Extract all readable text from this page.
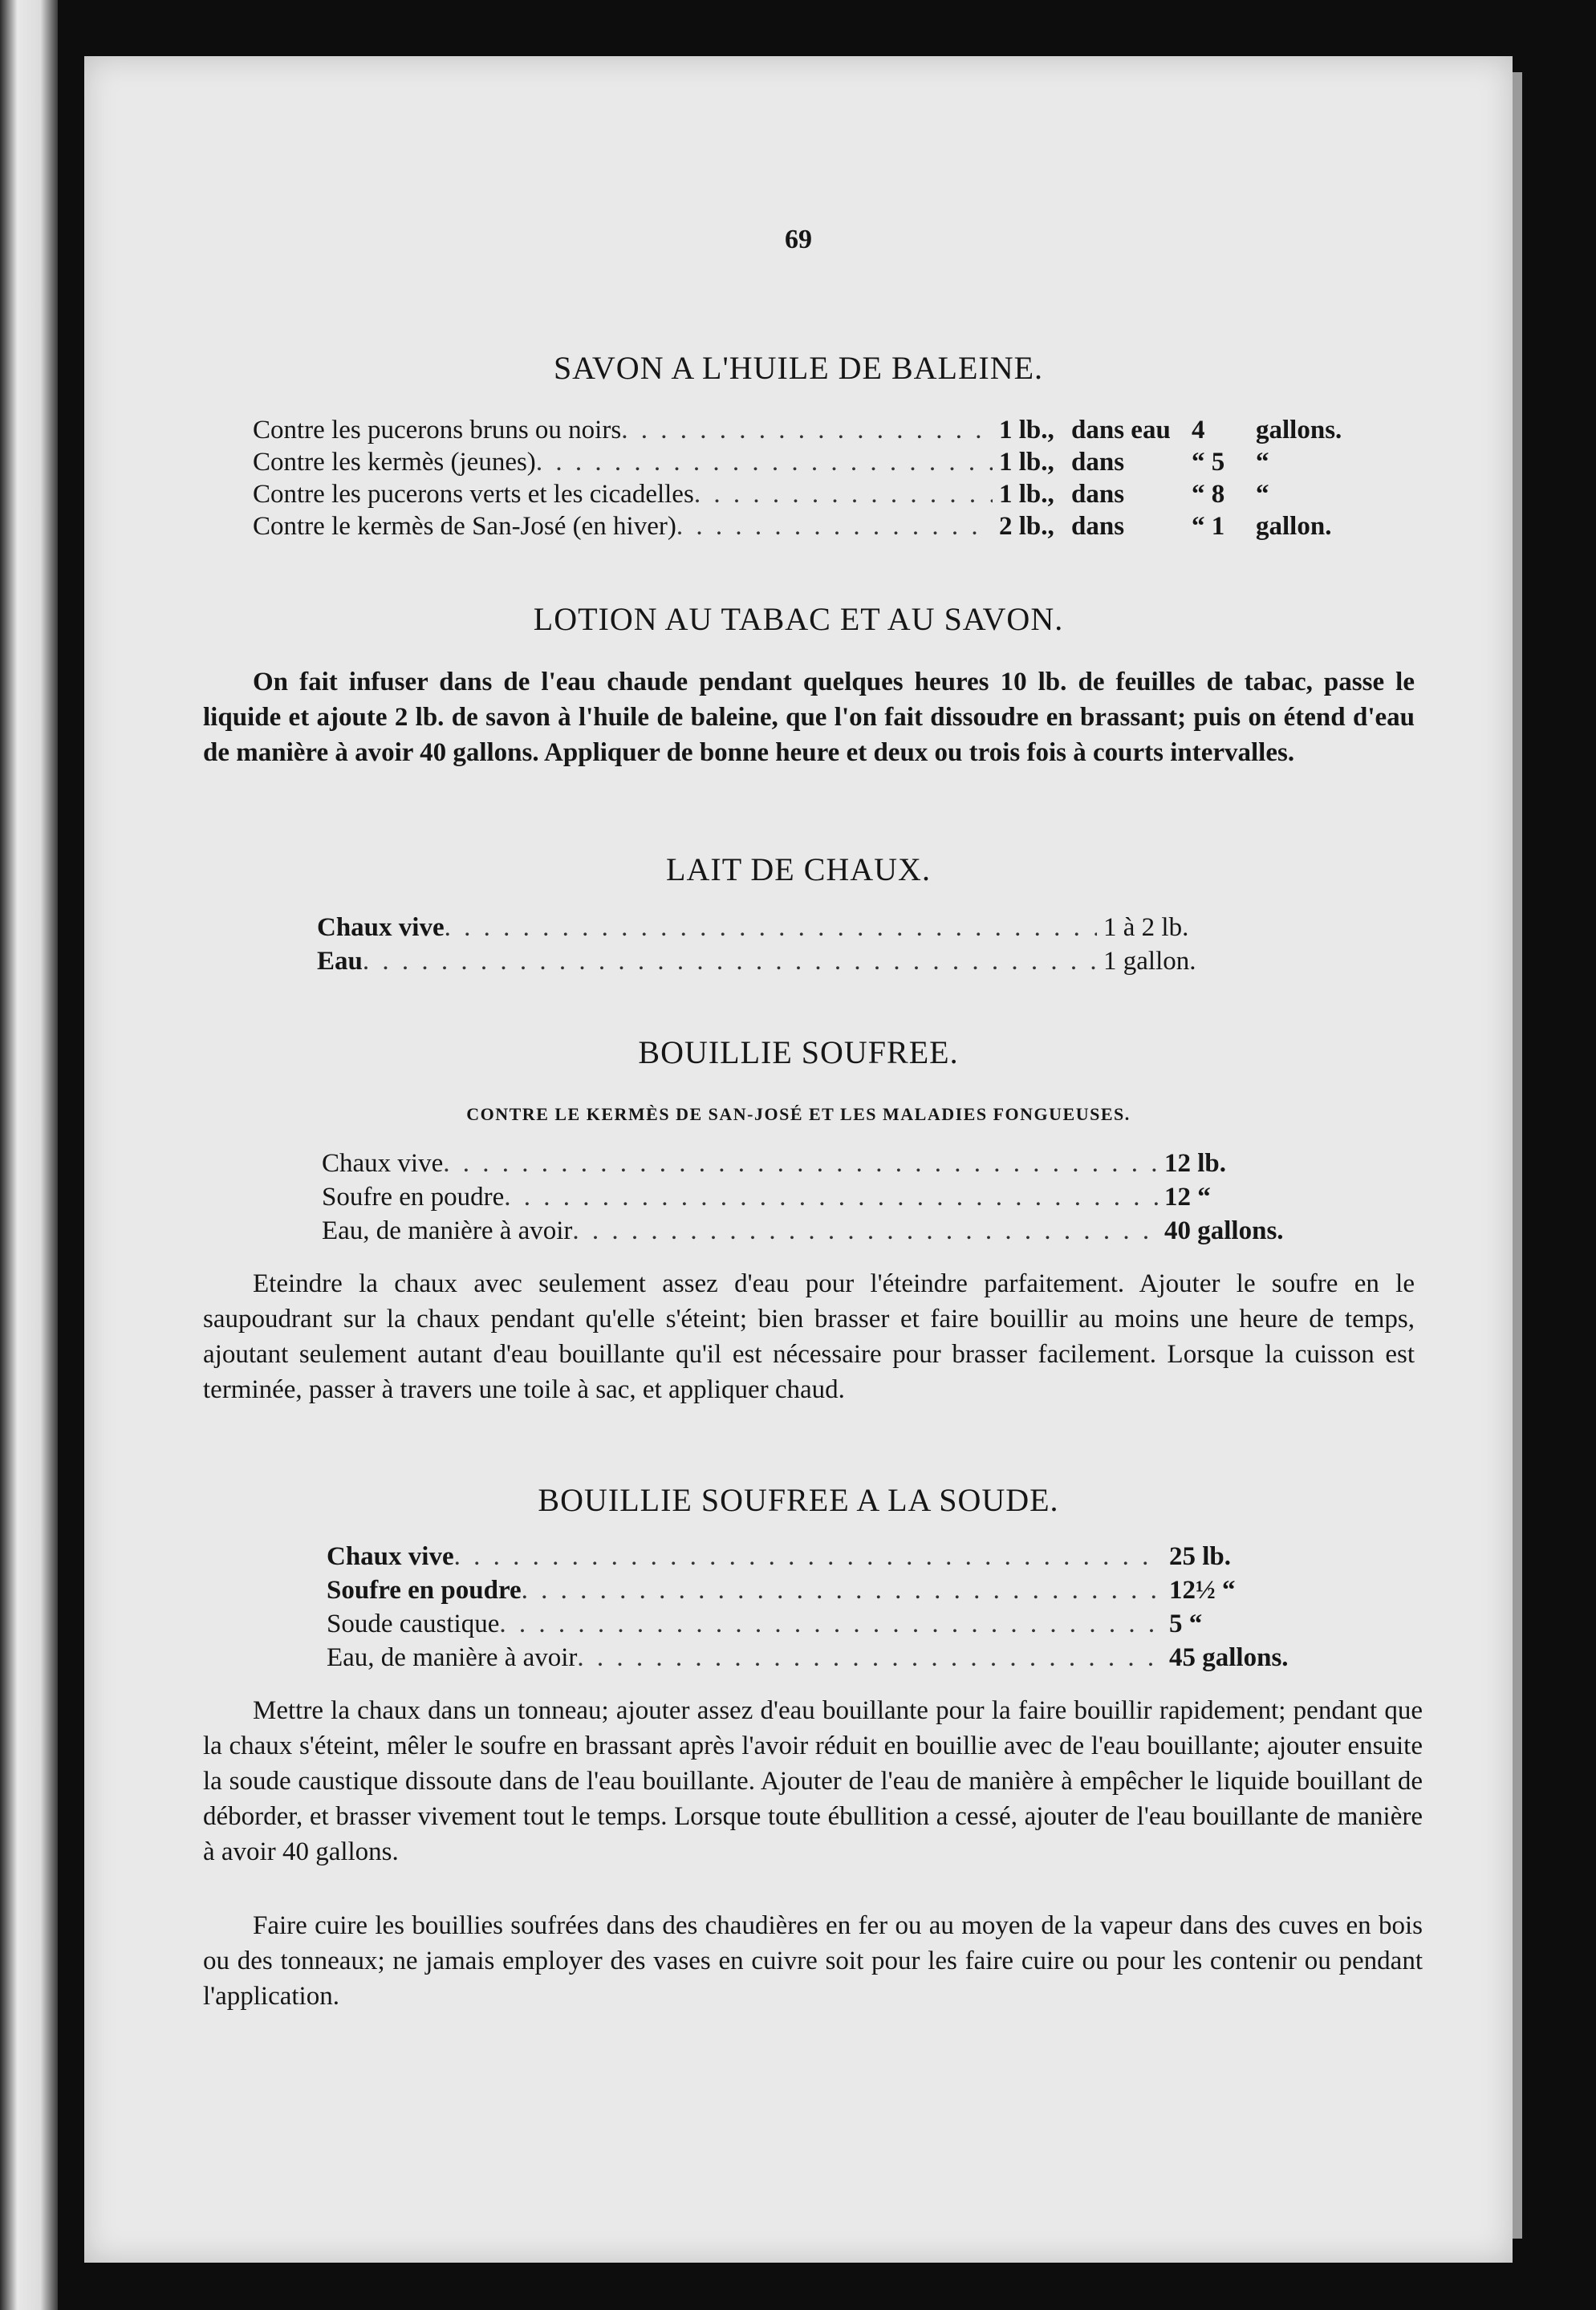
69
SAVON A L'HUILE DE BALEINE.
Contre les pucerons bruns ou noirs . . .	1 lb., dans eau 4	gallons.
Contre les kermès (jeunes) . . .	1 lb., dans	“ 5	“
Contre les pucerons verts et les cicadelles . . .	1 lb., dans	“ 8	“
Contre le kermès de San-José (en hiver) . . .	2 lb., dans	“ 1	gallon.
LOTION AU TABAC ET AU SAVON.
On fait infuser dans de l'eau chaude pendant quelques heures 10 lb. de feuilles de tabac, passe le liquide et ajoute 2 lb. de savon à l'huile de baleine, que l'on fait dissoudre en brassant; puis on étend d'eau de manière à avoir 40 gallons. Appliquer de bonne heure et deux ou trois fois à courts intervalles.
LAIT DE CHAUX.
Chaux vive . . .	1 à 2 lb.
Eau . . .	1 gallon.
BOUILLIE SOUFREE.
CONTRE LE KERMÈS DE SAN-JOSÉ ET LES MALADIES FONGUEUSES.
Chaux vive . . .	12 lb.
Soufre en poudre . . .	12 “
Eau, de manière à avoir . . .	40 gallons.
Eteindre la chaux avec seulement assez d'eau pour l'éteindre parfaitement. Ajouter le soufre en le saupoudrant sur la chaux pendant qu'elle s'éteint; bien brasser et faire bouillir au moins une heure de temps, ajoutant seulement autant d'eau bouillante qu'il est nécessaire pour brasser facilement. Lorsque la cuisson est terminée, passer à travers une toile à sac, et appliquer chaud.
BOUILLIE SOUFREE A LA SOUDE.
Chaux vive . . .	25 lb.
Soufre en poudre . . .	12½ “
Soude caustique . . .	5 “
Eau, de manière à avoir . . .	45 gallons.
Mettre la chaux dans un tonneau; ajouter assez d'eau bouillante pour la faire bouillir rapidement; pendant que la chaux s'éteint, mêler le soufre en brassant après l'avoir réduit en bouillie avec de l'eau bouillante; ajouter ensuite la soude caustique dissoute dans de l'eau bouillante. Ajouter de l'eau de manière à empêcher le liquide bouillant de déborder, et brasser vivement tout le temps. Lorsque toute ébullition a cessé, ajouter de l'eau bouillante de manière à avoir 40 gallons.
Faire cuire les bouillies soufrées dans des chaudières en fer ou au moyen de la vapeur dans des cuves en bois ou des tonneaux; ne jamais employer des vases en cuivre soit pour les faire cuire ou pour les contenir ou pendant l'application.
